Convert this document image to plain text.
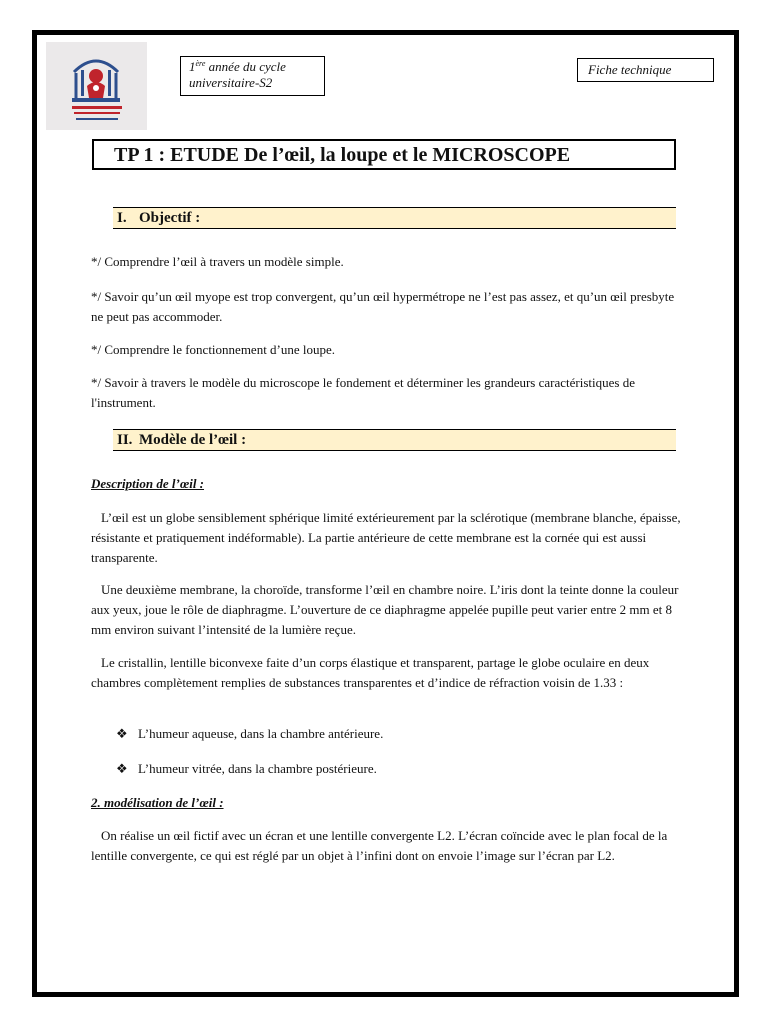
1ère année du cycle
universitaire-S2
Fiche technique
TP 1 : ETUDE De l’œil, la loupe et le MICROSCOPE
I. Objectif :

*/ Comprendre l’œil à travers un modèle simple.

*/ Savoir qu’un œil myope est trop convergent, qu’un œil hypermétrope ne l’est pas assez, et qu’un œil presbyte ne peut pas accommoder.

*/ Comprendre le fonctionnement d’une loupe.

*/ Savoir à travers le modèle du microscope le fondement et déterminer les grandeurs caractéristiques de l'instrument.

II. Modèle de l’œil :
Description de l’œil :

L’œil est un globe sensiblement sphérique limité extérieurement par la sclérotique (membrane blanche, épaisse, résistante et pratiquement indéformable). La partie antérieure de cette membrane est la cornée qui est aussi transparente.

Une deuxième membrane, la choroïde, transforme l’œil en chambre noire. L’iris dont la teinte donne la couleur aux yeux, joue le rôle de diaphragme. L’ouverture de ce diaphragme appelée pupille peut varier entre 2 mm et 8 mm environ suivant l’intensité de la lumière reçue.

Le cristallin, lentille biconvexe faite d’un corps élastique et transparent, partage le globe oculaire en deux chambres complètement remplies de substances transparentes et d’indice de réfraction voisin de 1.33 :

❖ L’humeur aqueuse, dans la chambre antérieure.
❖ L’humeur vitrée, dans la chambre postérieure.
2. modélisation de l’œil :

On réalise un œil fictif avec un écran et une lentille convergente L2. L’écran coïncide avec le plan focal de la lentille convergente, ce qui est réglé par un objet à l’infini dont on envoie l’image sur l’écran par L2.
